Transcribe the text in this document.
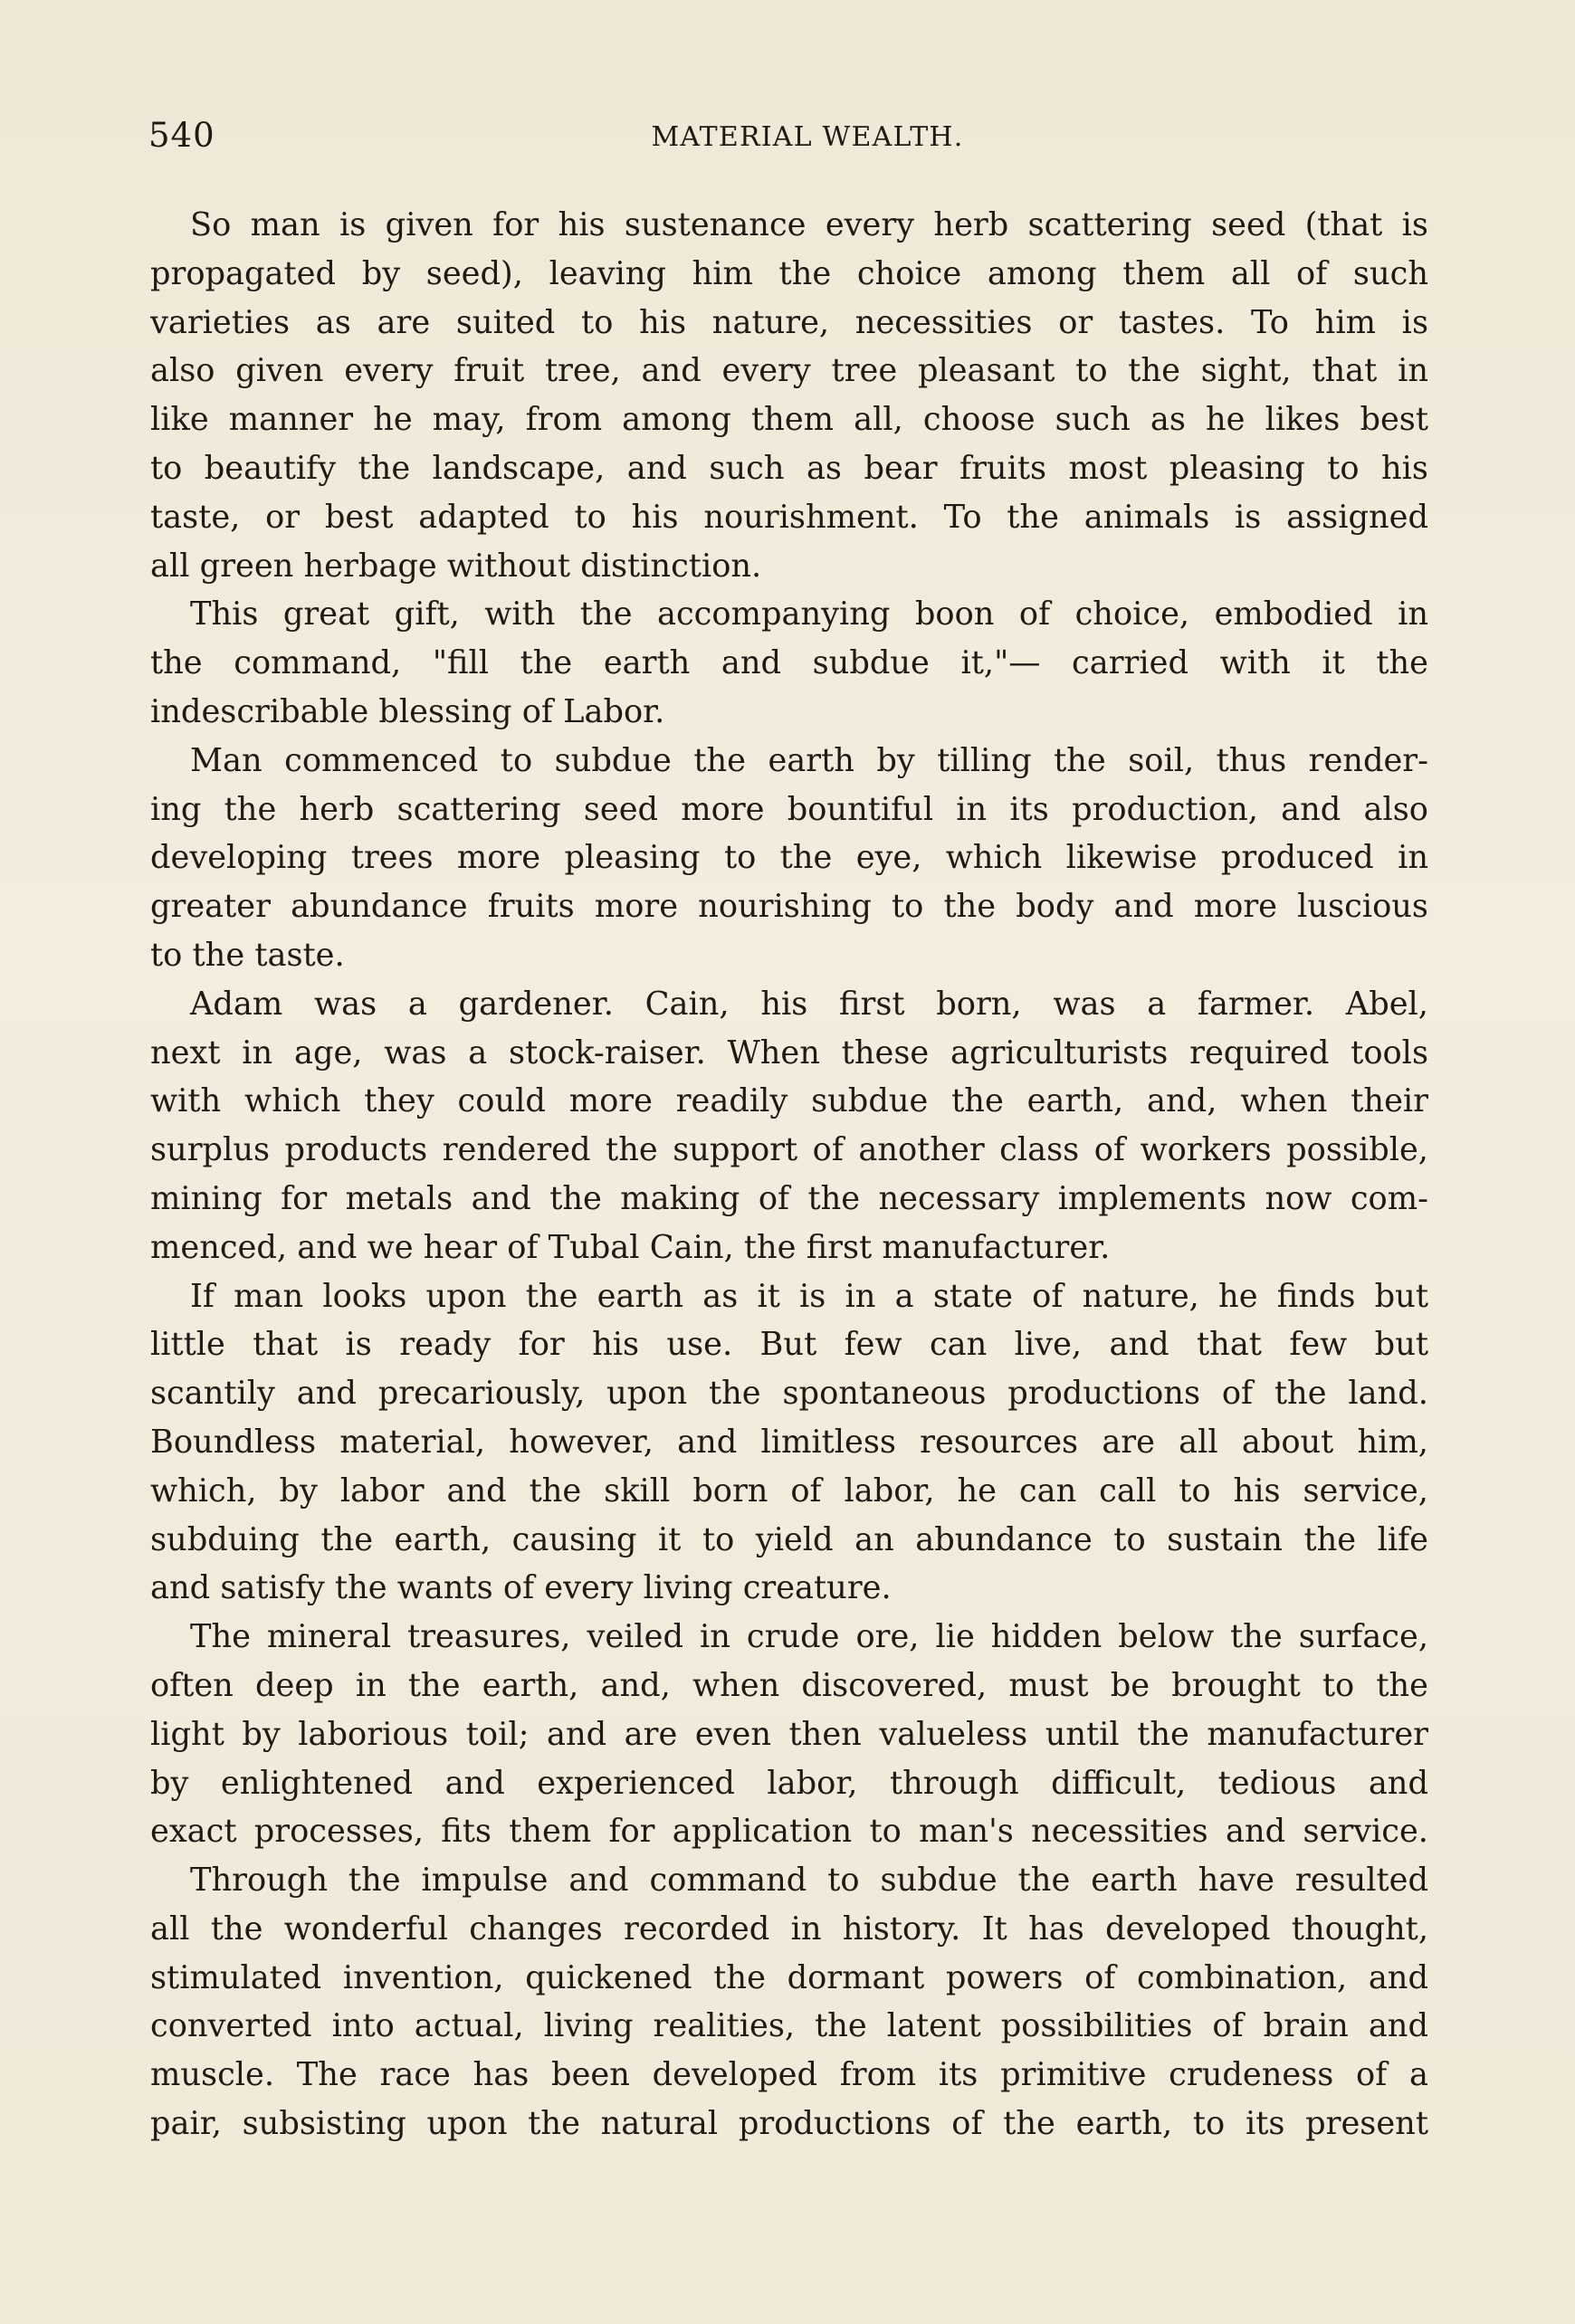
540	MATERIAL WEALTH.
So man is given for his sustenance every herb scattering seed (that is
propagated by seed), leaving him the choice among them all of such
varieties as are suited to his nature, necessities or tastes. To him is
also given every fruit tree, and every tree pleasant to the sight, that in
like manner he may, from among them all, choose such as he likes best
to beautify the landscape, and such as bear fruits most pleasing to his
taste, or best adapted to his nourishment. To the animals is assigned
all green herbage without distinction.
This great gift, with the accompanying boon of choice, embodied in
the command, "fill the earth and subdue it,"— carried with it the
indescribable blessing of Labor.
Man commenced to subdue the earth by tilling the soil, thus render-
ing the herb scattering seed more bountiful in its production, and also
developing trees more pleasing to the eye, which likewise produced in
greater abundance fruits more nourishing to the body and more luscious
to the taste.
Adam was a gardener. Cain, his first born, was a farmer. Abel,
next in age, was a stock-raiser. When these agriculturists required tools
with which they could more readily subdue the earth, and, when their
surplus products rendered the support of another class of workers possible,
mining for metals and the making of the necessary implements now com-
menced, and we hear of Tubal Cain, the first manufacturer.
If man looks upon the earth as it is in a state of nature, he finds but
little that is ready for his use. But few can live, and that few but
scantily and precariously, upon the spontaneous productions of the land.
Boundless material, however, and limitless resources are all about him,
which, by labor and the skill born of labor, he can call to his service,
subduing the earth, causing it to yield an abundance to sustain the life
and satisfy the wants of every living creature.
The mineral treasures, veiled in crude ore, lie hidden below the surface,
often deep in the earth, and, when discovered, must be brought to the
light by laborious toil; and are even then valueless until the manufacturer
by enlightened and experienced labor, through difficult, tedious and
exact processes, fits them for application to man's necessities and service.
Through the impulse and command to subdue the earth have resulted
all the wonderful changes recorded in history. It has developed thought,
stimulated invention, quickened the dormant powers of combination, and
converted into actual, living realities, the latent possibilities of brain and
muscle. The race has been developed from its primitive crudeness of a
pair, subsisting upon the natural productions of the earth, to its present
